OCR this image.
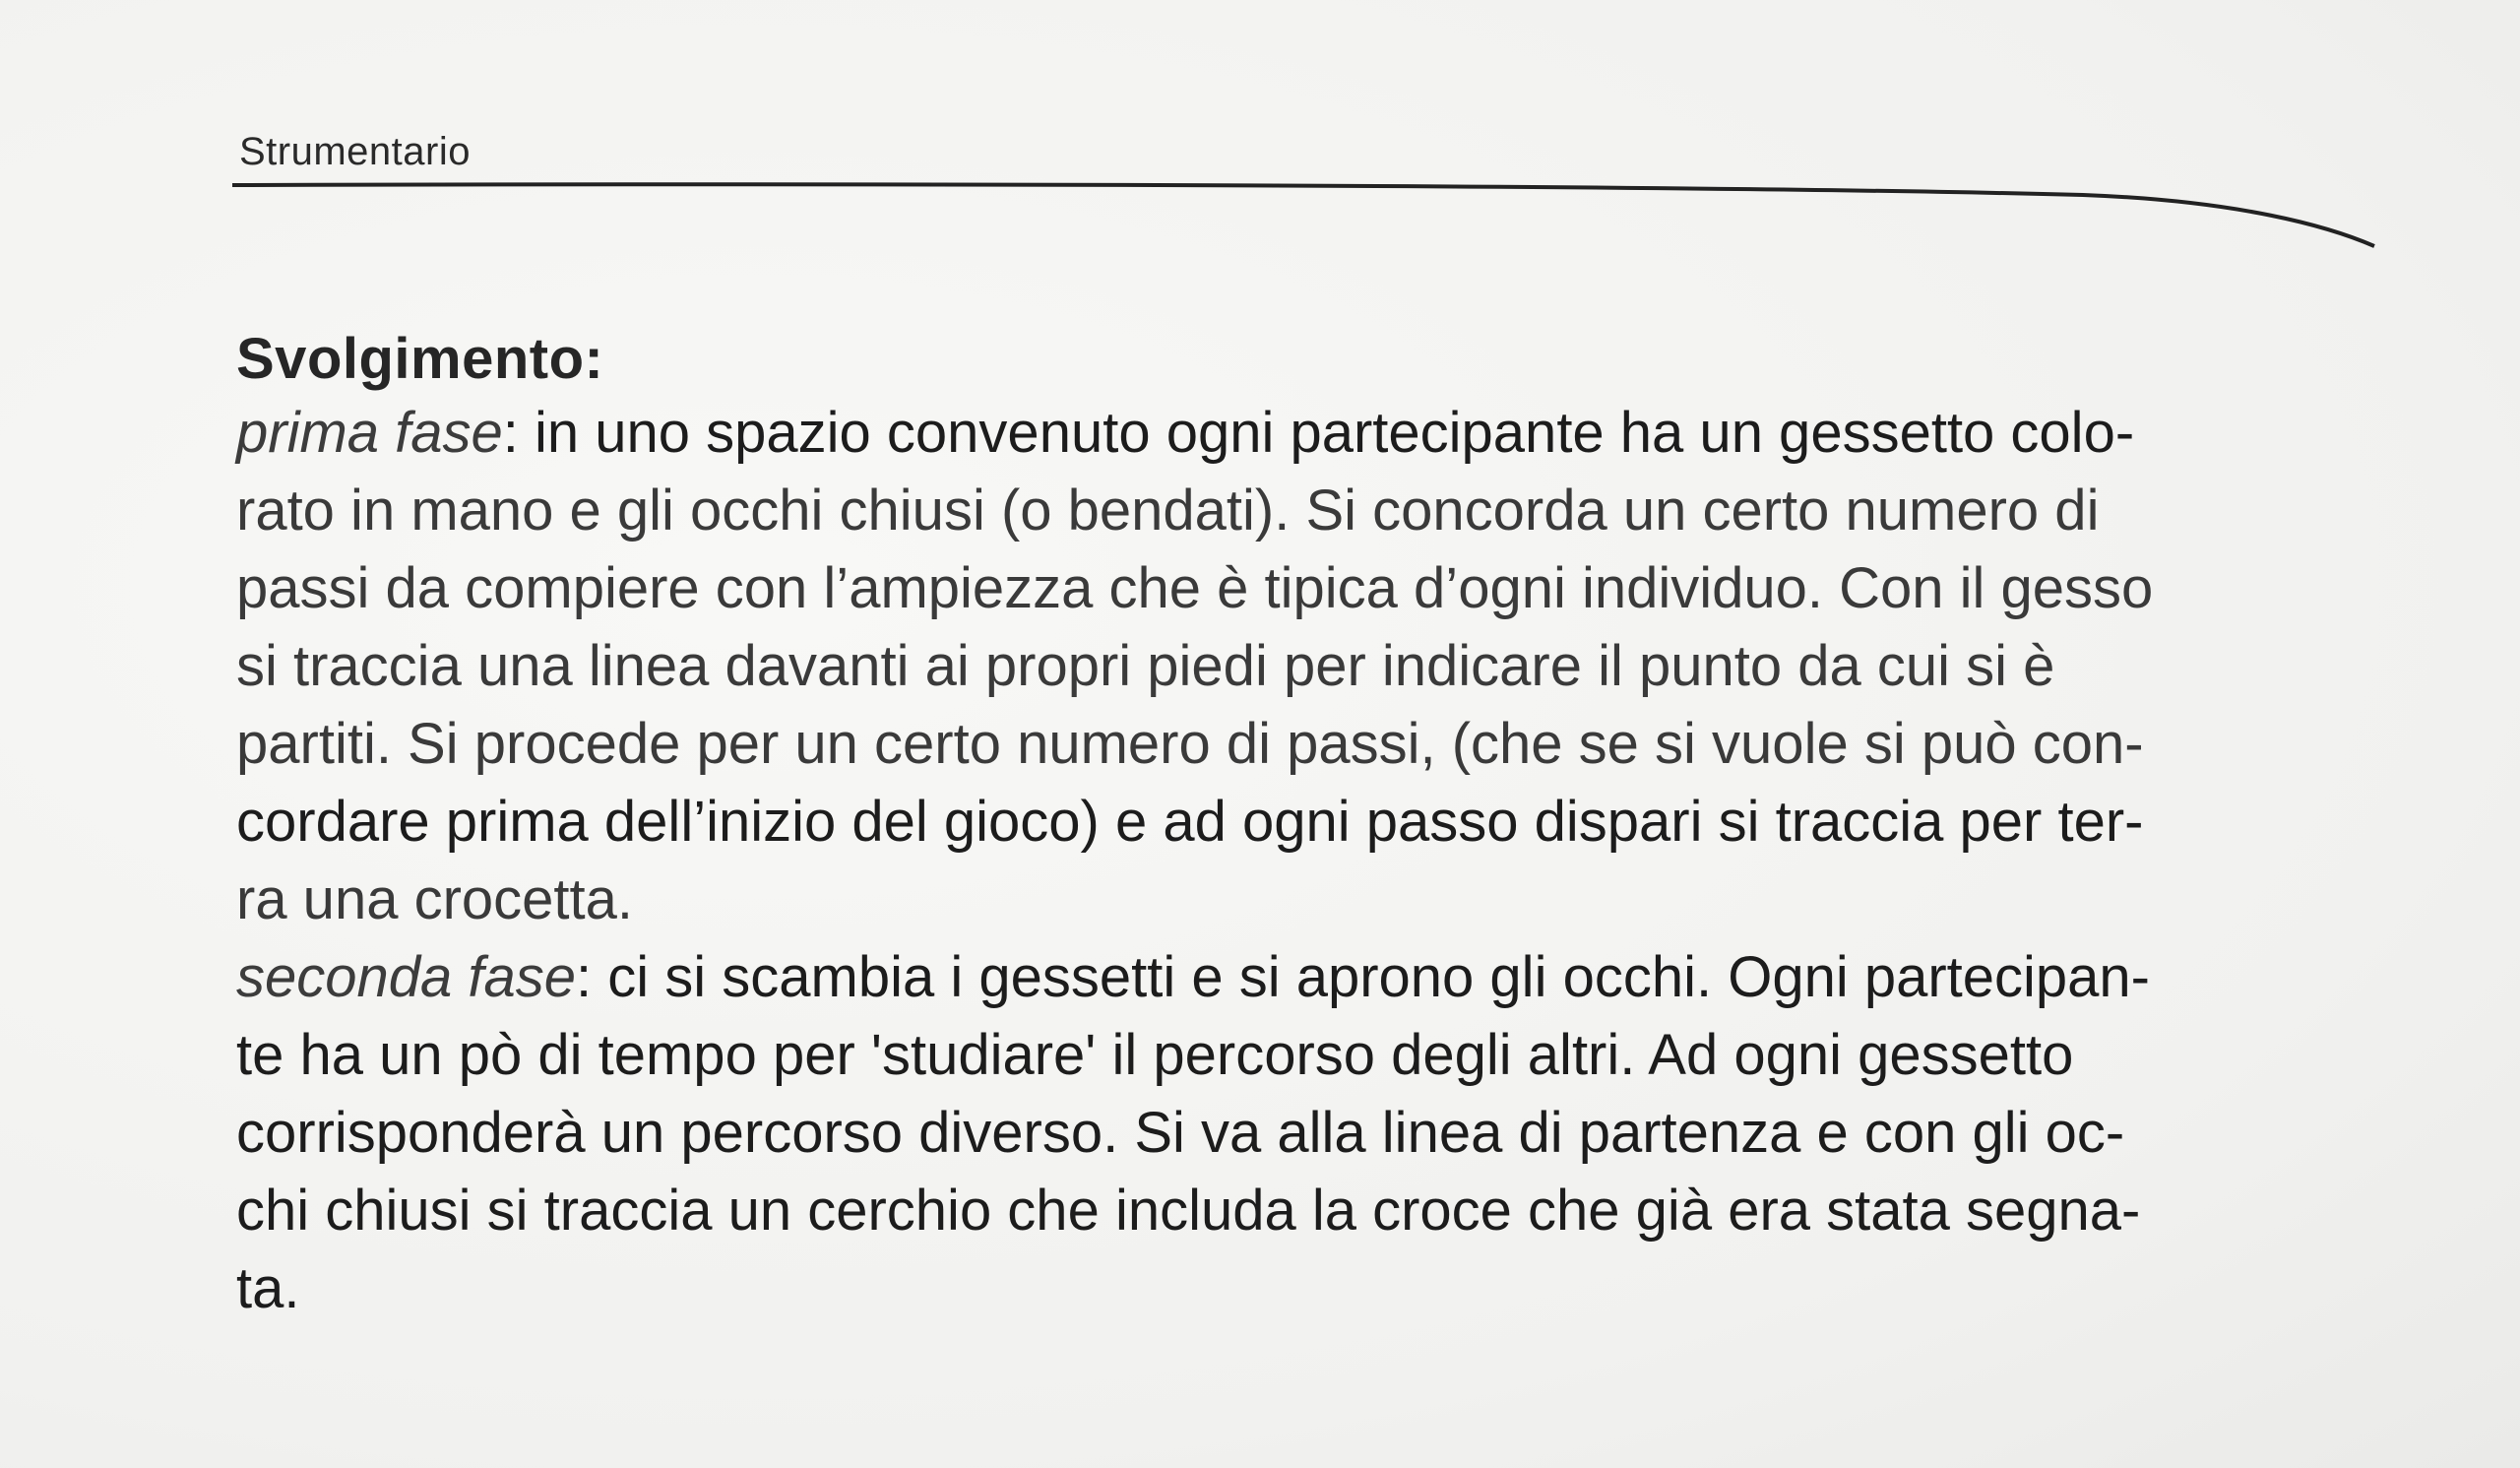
Strumentario
Svolgimento:

prima fase: in uno spazio convenuto ogni partecipante ha un gessetto colo-
rato in mano e gli occhi chiusi (o bendati). Si concorda un certo numero di
passi da compiere con l’ampiezza che è tipica d’ogni individuo. Con il gesso
si traccia una linea davanti ai propri piedi per indicare il punto da cui si è
partiti. Si procede per un certo numero di passi, (che se si vuole si può con-
cordare prima dell’inizio del gioco) e ad ogni passo dispari si traccia per ter-
ra una crocetta.

seconda fase: ci si scambia i gessetti e si aprono gli occhi. Ogni partecipan-
te ha un pò di tempo per 'studiare' il percorso degli altri. Ad ogni gessetto
corrisponderà un percorso diverso. Si va alla linea di partenza e con gli oc-
chi chiusi si traccia un cerchio che includa la croce che già era stata segna-
ta.
